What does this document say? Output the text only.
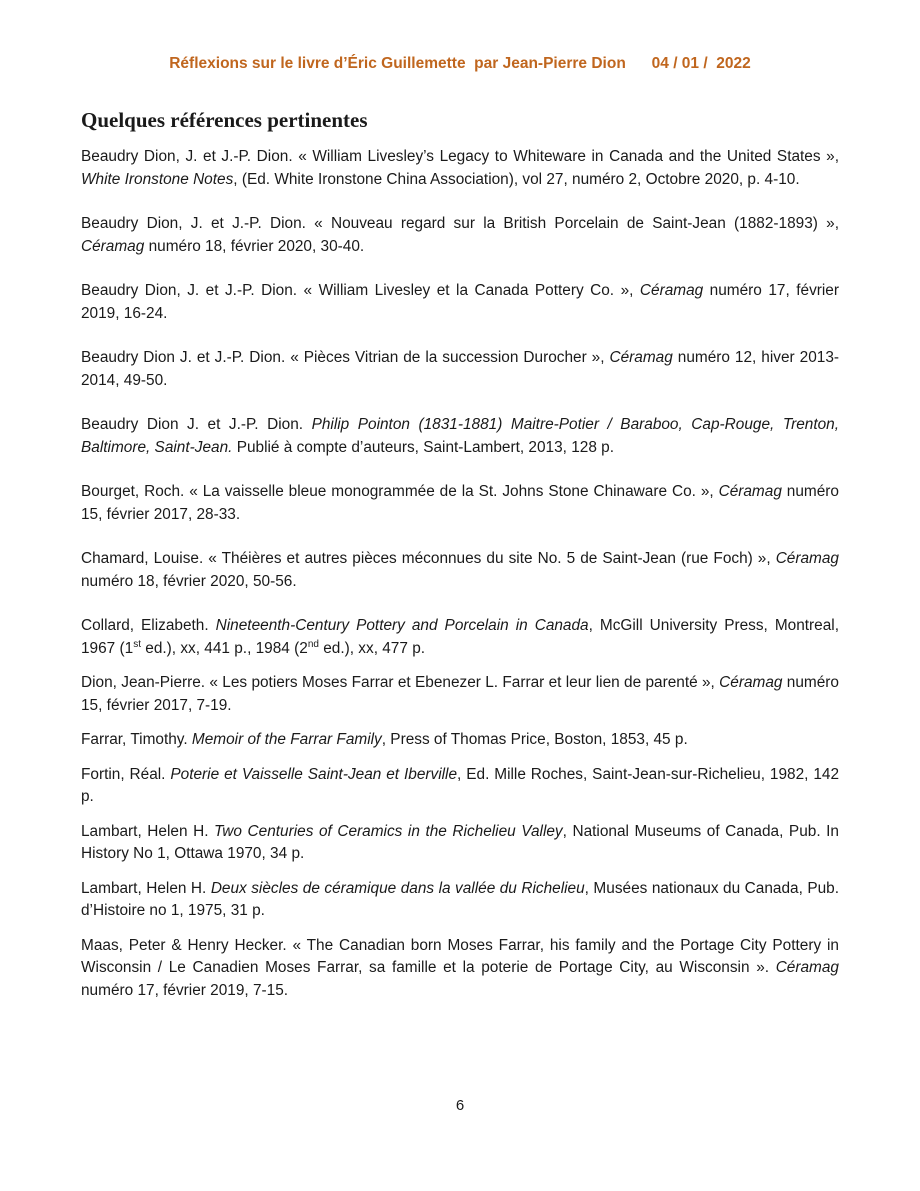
Réflexions sur le livre d’Éric Guillemette  par Jean-Pierre Dion 04 / 01 /  2022
Quelques références pertinentes

Beaudry Dion, J. et J.-P. Dion. « William Livesley’s Legacy to Whiteware in Canada and the United States », White Ironstone Notes, (Ed. White Ironstone China Association), vol 27, numéro 2, Octobre 2020, p. 4-10.

Beaudry Dion, J. et J.-P. Dion. « Nouveau regard sur la British Porcelain de Saint-Jean (1882-1893) », Céramag numéro 18, février 2020, 30-40.

Beaudry Dion, J. et J.-P. Dion. « William Livesley et la Canada Pottery Co. », Céramag numéro 17, février 2019, 16-24.

Beaudry Dion J. et J.-P. Dion. « Pièces Vitrian de la succession Durocher », Céramag numéro 12, hiver 2013-2014, 49-50.

Beaudry Dion J. et J.-P. Dion. Philip Pointon (1831-1881) Maitre-Potier / Baraboo, Cap-Rouge, Trenton, Baltimore, Saint-Jean. Publié à compte d’auteurs, Saint-Lambert, 2013, 128 p.

Bourget, Roch. « La vaisselle bleue monogrammée de la St. Johns Stone Chinaware Co. », Céramag numéro 15, février 2017, 28-33.

Chamard, Louise. « Théières et autres pièces méconnues du site No. 5 de Saint-Jean (rue Foch) », Céramag numéro 18, février 2020, 50-56.

Collard, Elizabeth. Nineteenth-Century Pottery and Porcelain in Canada, McGill University Press, Montreal, 1967 (1st ed.), xx, 441 p., 1984 (2nd ed.), xx, 477 p.

Dion, Jean-Pierre. « Les potiers Moses Farrar et Ebenezer L. Farrar et leur lien de parenté », Céramag numéro 15, février 2017, 7-19.

Farrar, Timothy. Memoir of the Farrar Family, Press of Thomas Price, Boston, 1853, 45 p.

Fortin, Réal. Poterie et Vaisselle Saint-Jean et Iberville, Ed. Mille Roches, Saint-Jean-sur-Richelieu, 1982, 142 p.

Lambart, Helen H. Two Centuries of Ceramics in the Richelieu Valley, National Museums of Canada, Pub. In History No 1, Ottawa 1970, 34 p.

Lambart, Helen H. Deux siècles de céramique dans la vallée du Richelieu, Musées nationaux du Canada, Pub. d’Histoire no 1, 1975, 31 p.

Maas, Peter & Henry Hecker. « The Canadian born Moses Farrar, his family and the Portage City Pottery in Wisconsin / Le Canadien Moses Farrar, sa famille et la poterie de Portage City, au Wisconsin ». Céramag numéro 17, février 2019, 7-15.

6
